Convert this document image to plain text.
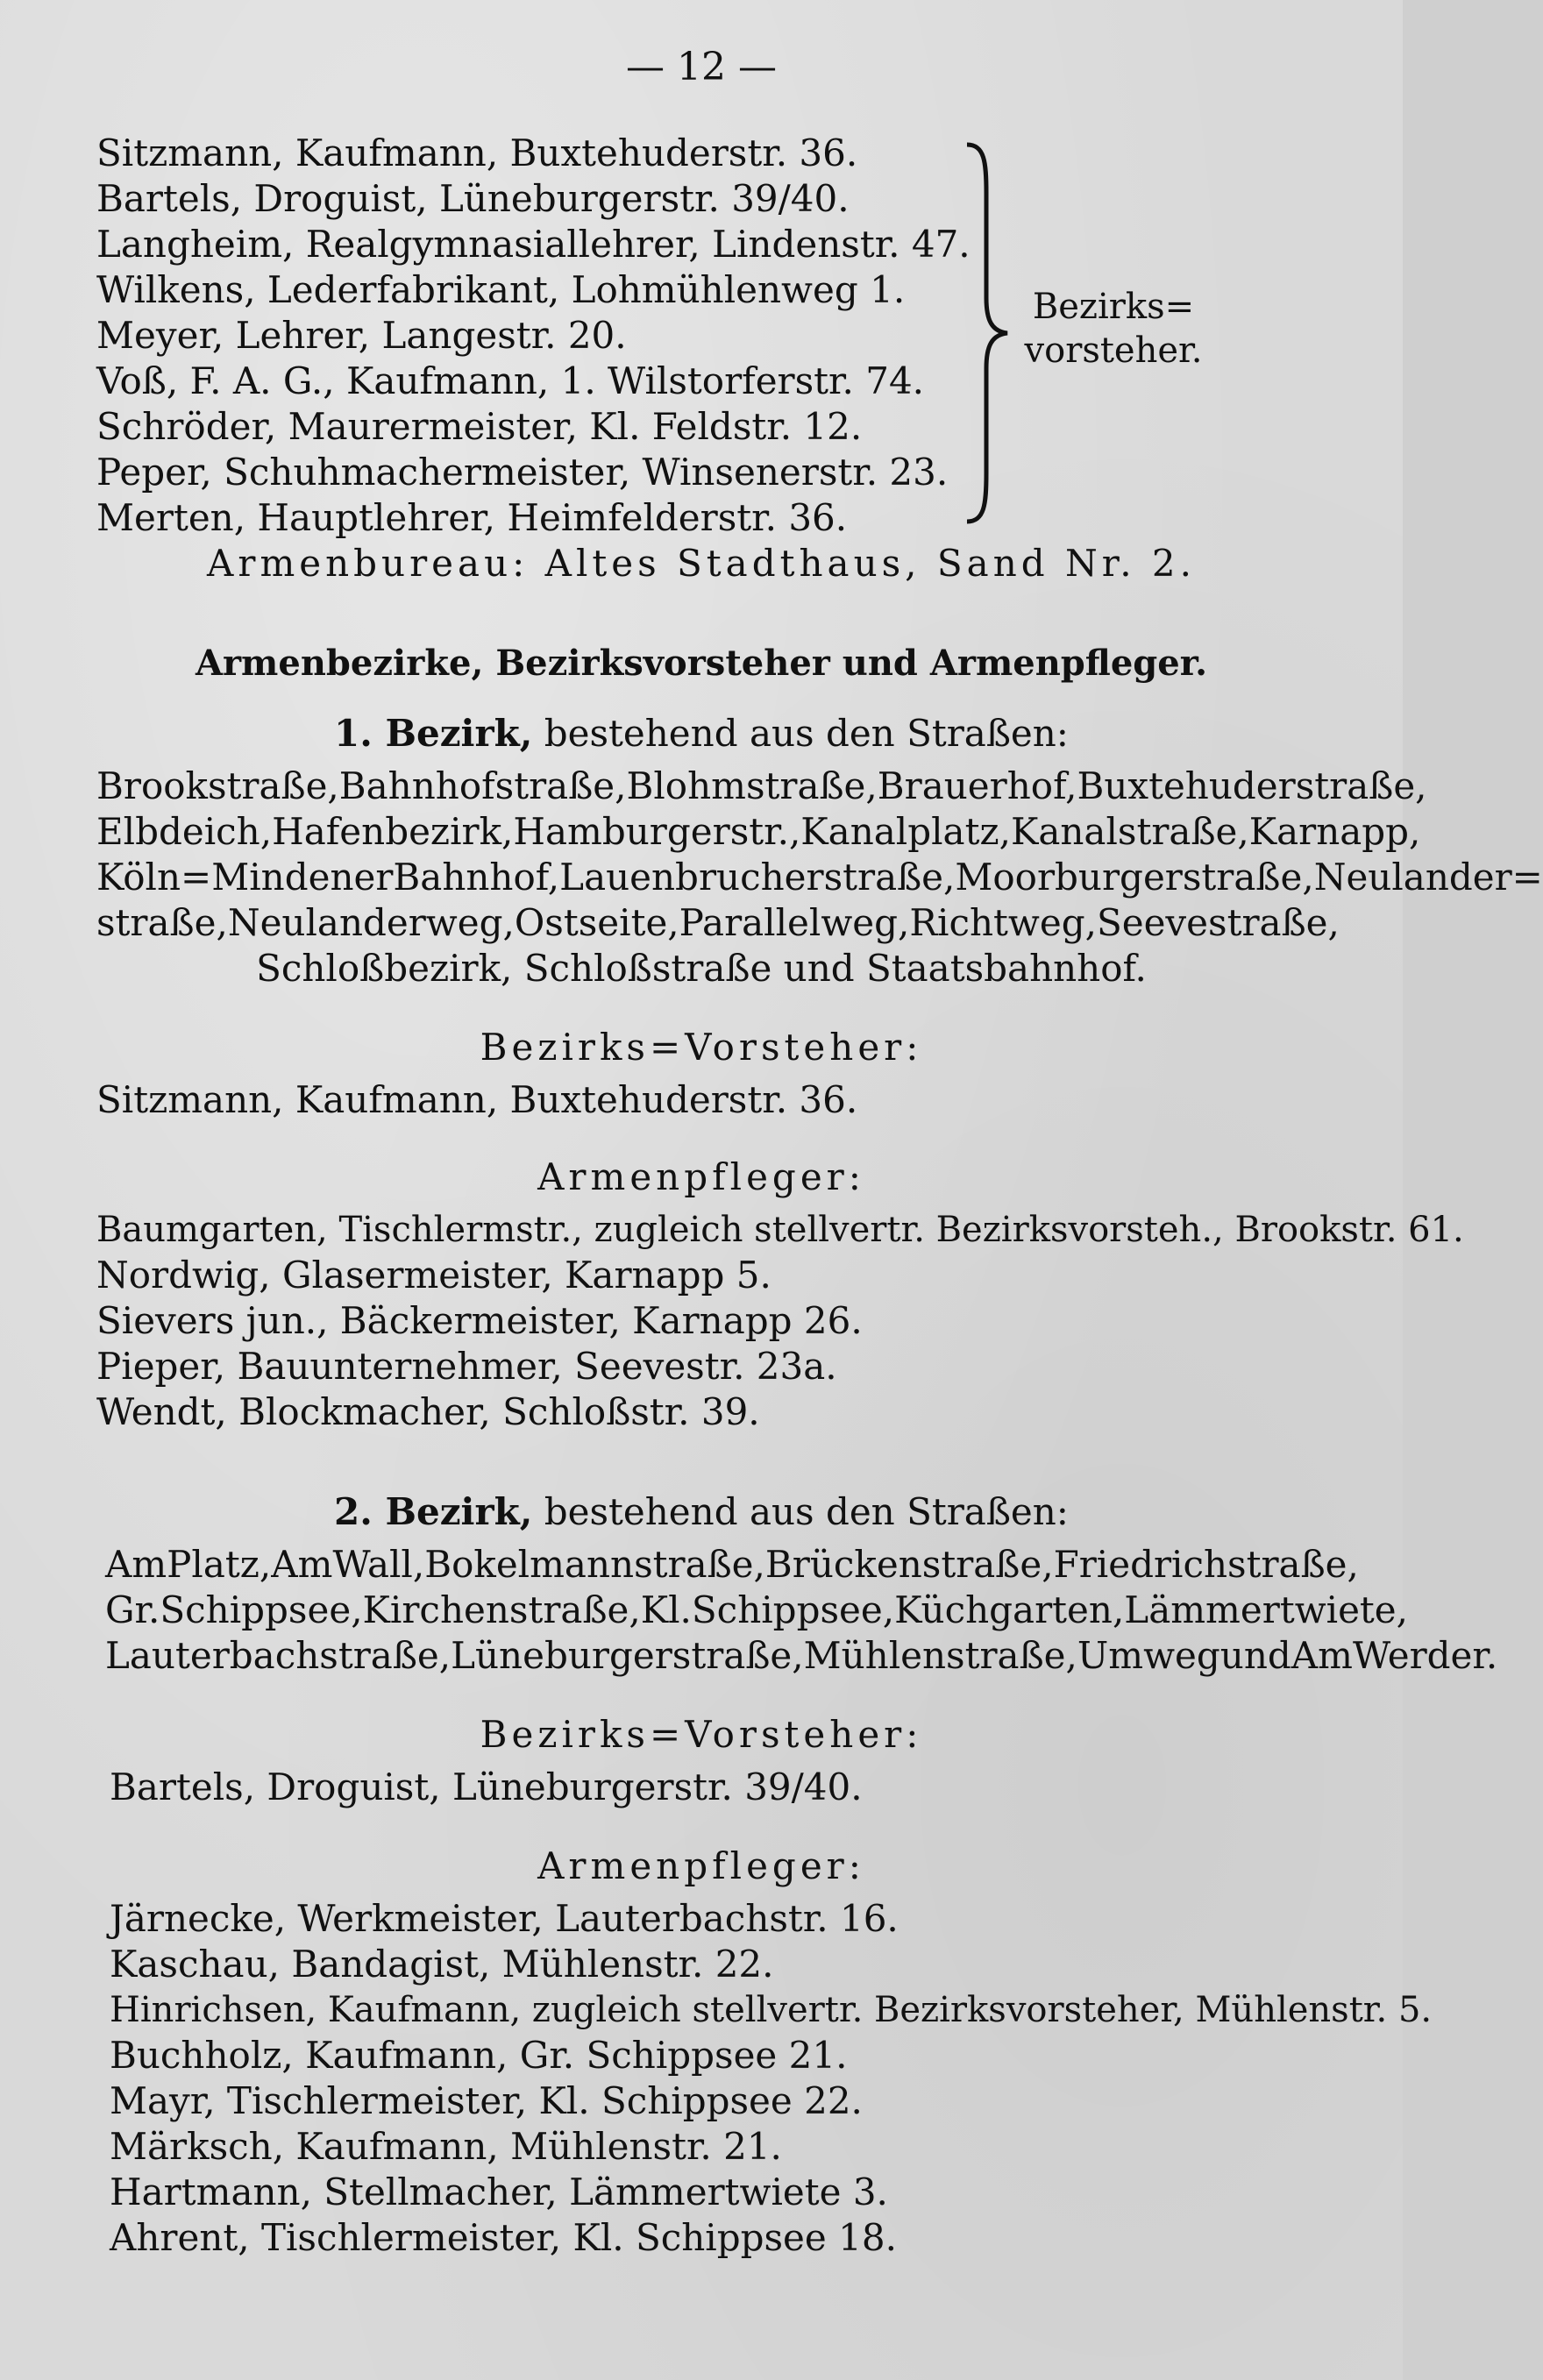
— 12 —

Sitzmann, Kaufmann, Buxtehuderstr. 36.

Bartels, Droguist, Lüneburgerstr. 39/40.

Langheim, Realgymnasiallehrer, Lindenstr. 47.

Wilkens, Lederfabrikant, Lohmühlenweg 1.

Meyer, Lehrer, Langestr. 20.

Voß, F. A. G., Kaufmann, 1. Wilstorferstr. 74.

Schröder, Maurermeister, Kl. Feldstr. 12.

Peper, Schuhmachermeister, Winsenerstr. 23.

Merten, Hauptlehrer, Heimfelderstr. 36.

Bezirks=
vorsteher.

Armenbureau: Altes Stadthaus, Sand Nr. 2.

Armenbezirke, Bezirksvorsteher und Armenpfleger.

1. Bezirk, bestehend aus den Straßen:

Brookstraße, Bahnhofstraße, Blohmstraße, Brauerhof, Buxtehuderstraße,
Elbdeich, Hafenbezirk, Hamburgerstr., Kanalplatz, Kanalstraße, Karnapp,
Köln=Mindener Bahnhof, Lauenbrucherstraße, Moorburgerstraße, Neulander=
straße, Neulanderweg, Ostseite, Parallelweg, Richtweg, Seevestraße,

Schloßbezirk, Schloßstraße und Staatsbahnhof.

Bezirks=Vorsteher:

Sitzmann, Kaufmann, Buxtehuderstr. 36.

Armenpfleger:

Baumgarten, Tischlermstr., zugleich stellvertr. Bezirksvorsteh., Brookstr. 61.

Nordwig, Glasermeister, Karnapp 5.

Sievers jun., Bäckermeister, Karnapp 26.

Pieper, Bauunternehmer, Seevestr. 23a.

Wendt, Blockmacher, Schloßstr. 39.

2. Bezirk, bestehend aus den Straßen:

Am Platz, Am Wall, Bokelmannstraße, Brückenstraße, Friedrichstraße,
Gr. Schippsee, Kirchenstraße, Kl. Schippsee, Küchgarten, Lämmertwiete,
Lauterbachstraße, Lüneburgerstraße, Mühlenstraße, Umweg und Am Werder.

Bezirks=Vorsteher:

Bartels, Droguist, Lüneburgerstr. 39/40.

Armenpfleger:

Järnecke, Werkmeister, Lauterbachstr. 16.

Kaschau, Bandagist, Mühlenstr. 22.

Hinrichsen, Kaufmann, zugleich stellvertr. Bezirksvorsteher, Mühlenstr. 5.

Buchholz, Kaufmann, Gr. Schippsee 21.

Mayr, Tischlermeister, Kl. Schippsee 22.

Märksch, Kaufmann, Mühlenstr. 21.

Hartmann, Stellmacher, Lämmertwiete 3.

Ahrent, Tischlermeister, Kl. Schippsee 18.
